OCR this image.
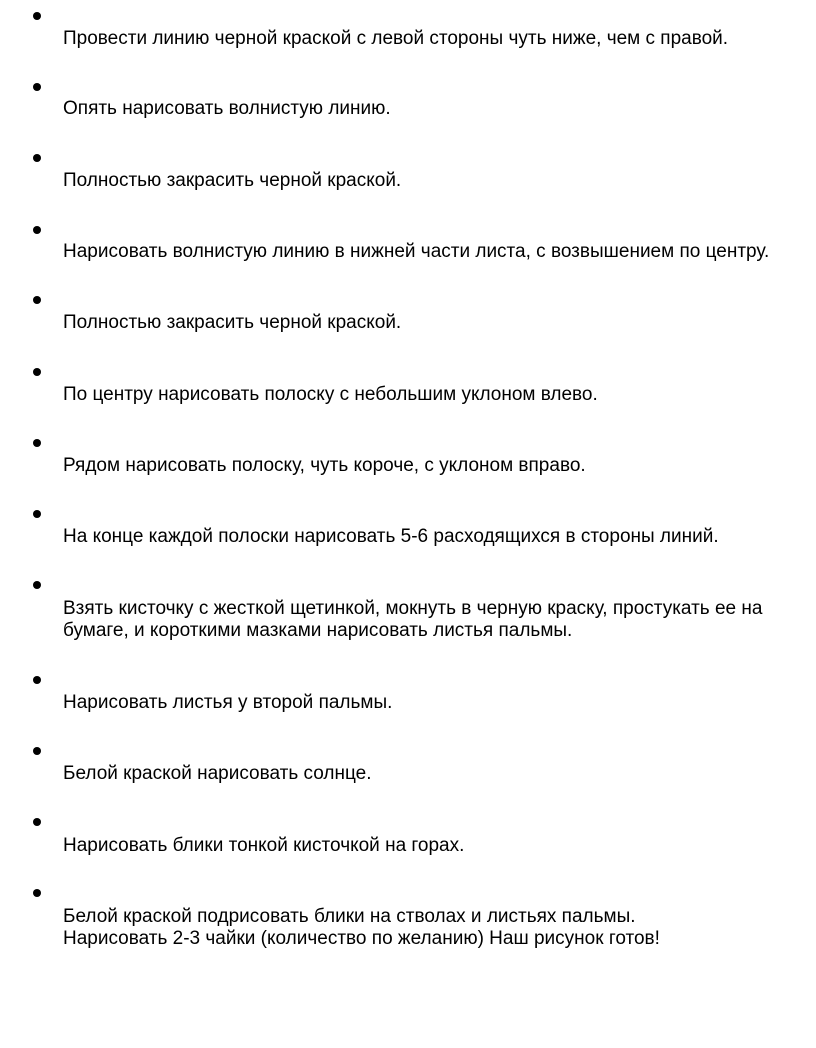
Провести линию черной краской с левой стороны чуть ниже, чем с правой.
Опять нарисовать волнистую линию.
Полностью закрасить черной краской.
Нарисовать волнистую линию в нижней части листа, с возвышением по центру.
Полностью закрасить черной краской.
По центру нарисовать полоску с небольшим уклоном влево.
Рядом нарисовать полоску, чуть короче, с уклоном вправо.
На конце каждой полоски нарисовать 5-6 расходящихся в стороны линий.
Взять кисточку с жесткой щетинкой, мокнуть в черную краску, простукать ее на
бумаге, и короткими мазками нарисовать листья пальмы.
Нарисовать листья у второй пальмы.
Белой краской нарисовать солнце.
Нарисовать блики тонкой кисточкой на горах.
Белой краской подрисовать блики на стволах и листьях пальмы.
Нарисовать 2-3 чайки (количество по желанию) Наш рисунок готов!
